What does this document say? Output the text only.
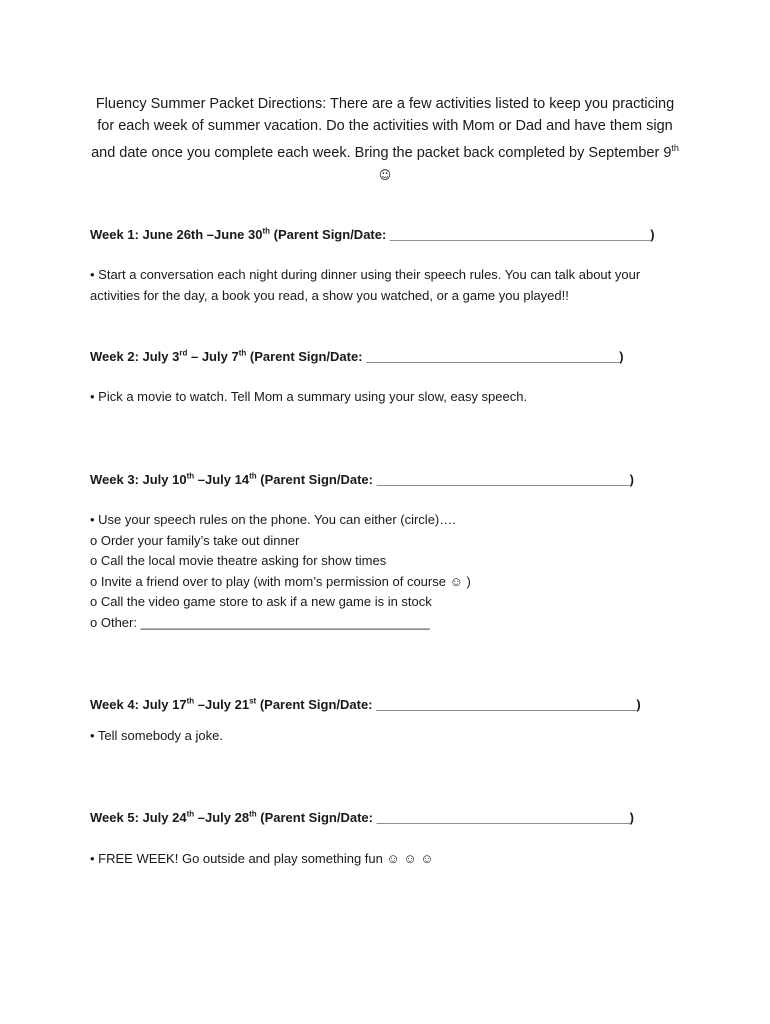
Fluency Summer Packet Directions: There are a few activities listed to keep you practicing for each week of summer vacation. Do the activities with Mom or Dad and have them sign and date once you complete each week. Bring the packet back completed by September 9th ☺
Week 1: June 26th –June 30th (Parent Sign/Date: ____________________________________)
• Start a conversation each night during dinner using their speech rules. You can talk about your activities for the day, a book you read, a show you watched, or a game you played!!
Week 2: July 3rd – July 7th (Parent Sign/Date: ___________________________________)
• Pick a movie to watch. Tell Mom a summary using your slow, easy speech.
Week 3: July 10th –July 14th (Parent Sign/Date: ___________________________________)
• Use your speech rules on the phone. You can either (circle)….
o Order your family’s take out dinner
o Call the local movie theatre asking for show times
o Invite a friend over to play (with mom’s permission of course ☺ )
o Call the video game store to ask if a new game is in stock
o Other: ________________________________________
Week 4: July 17th –July 21st (Parent Sign/Date: ____________________________________)
• Tell somebody a joke.
Week 5: July 24th –July 28th (Parent Sign/Date: ___________________________________)
• FREE WEEK! Go outside and play something fun ☺ ☺ ☺
